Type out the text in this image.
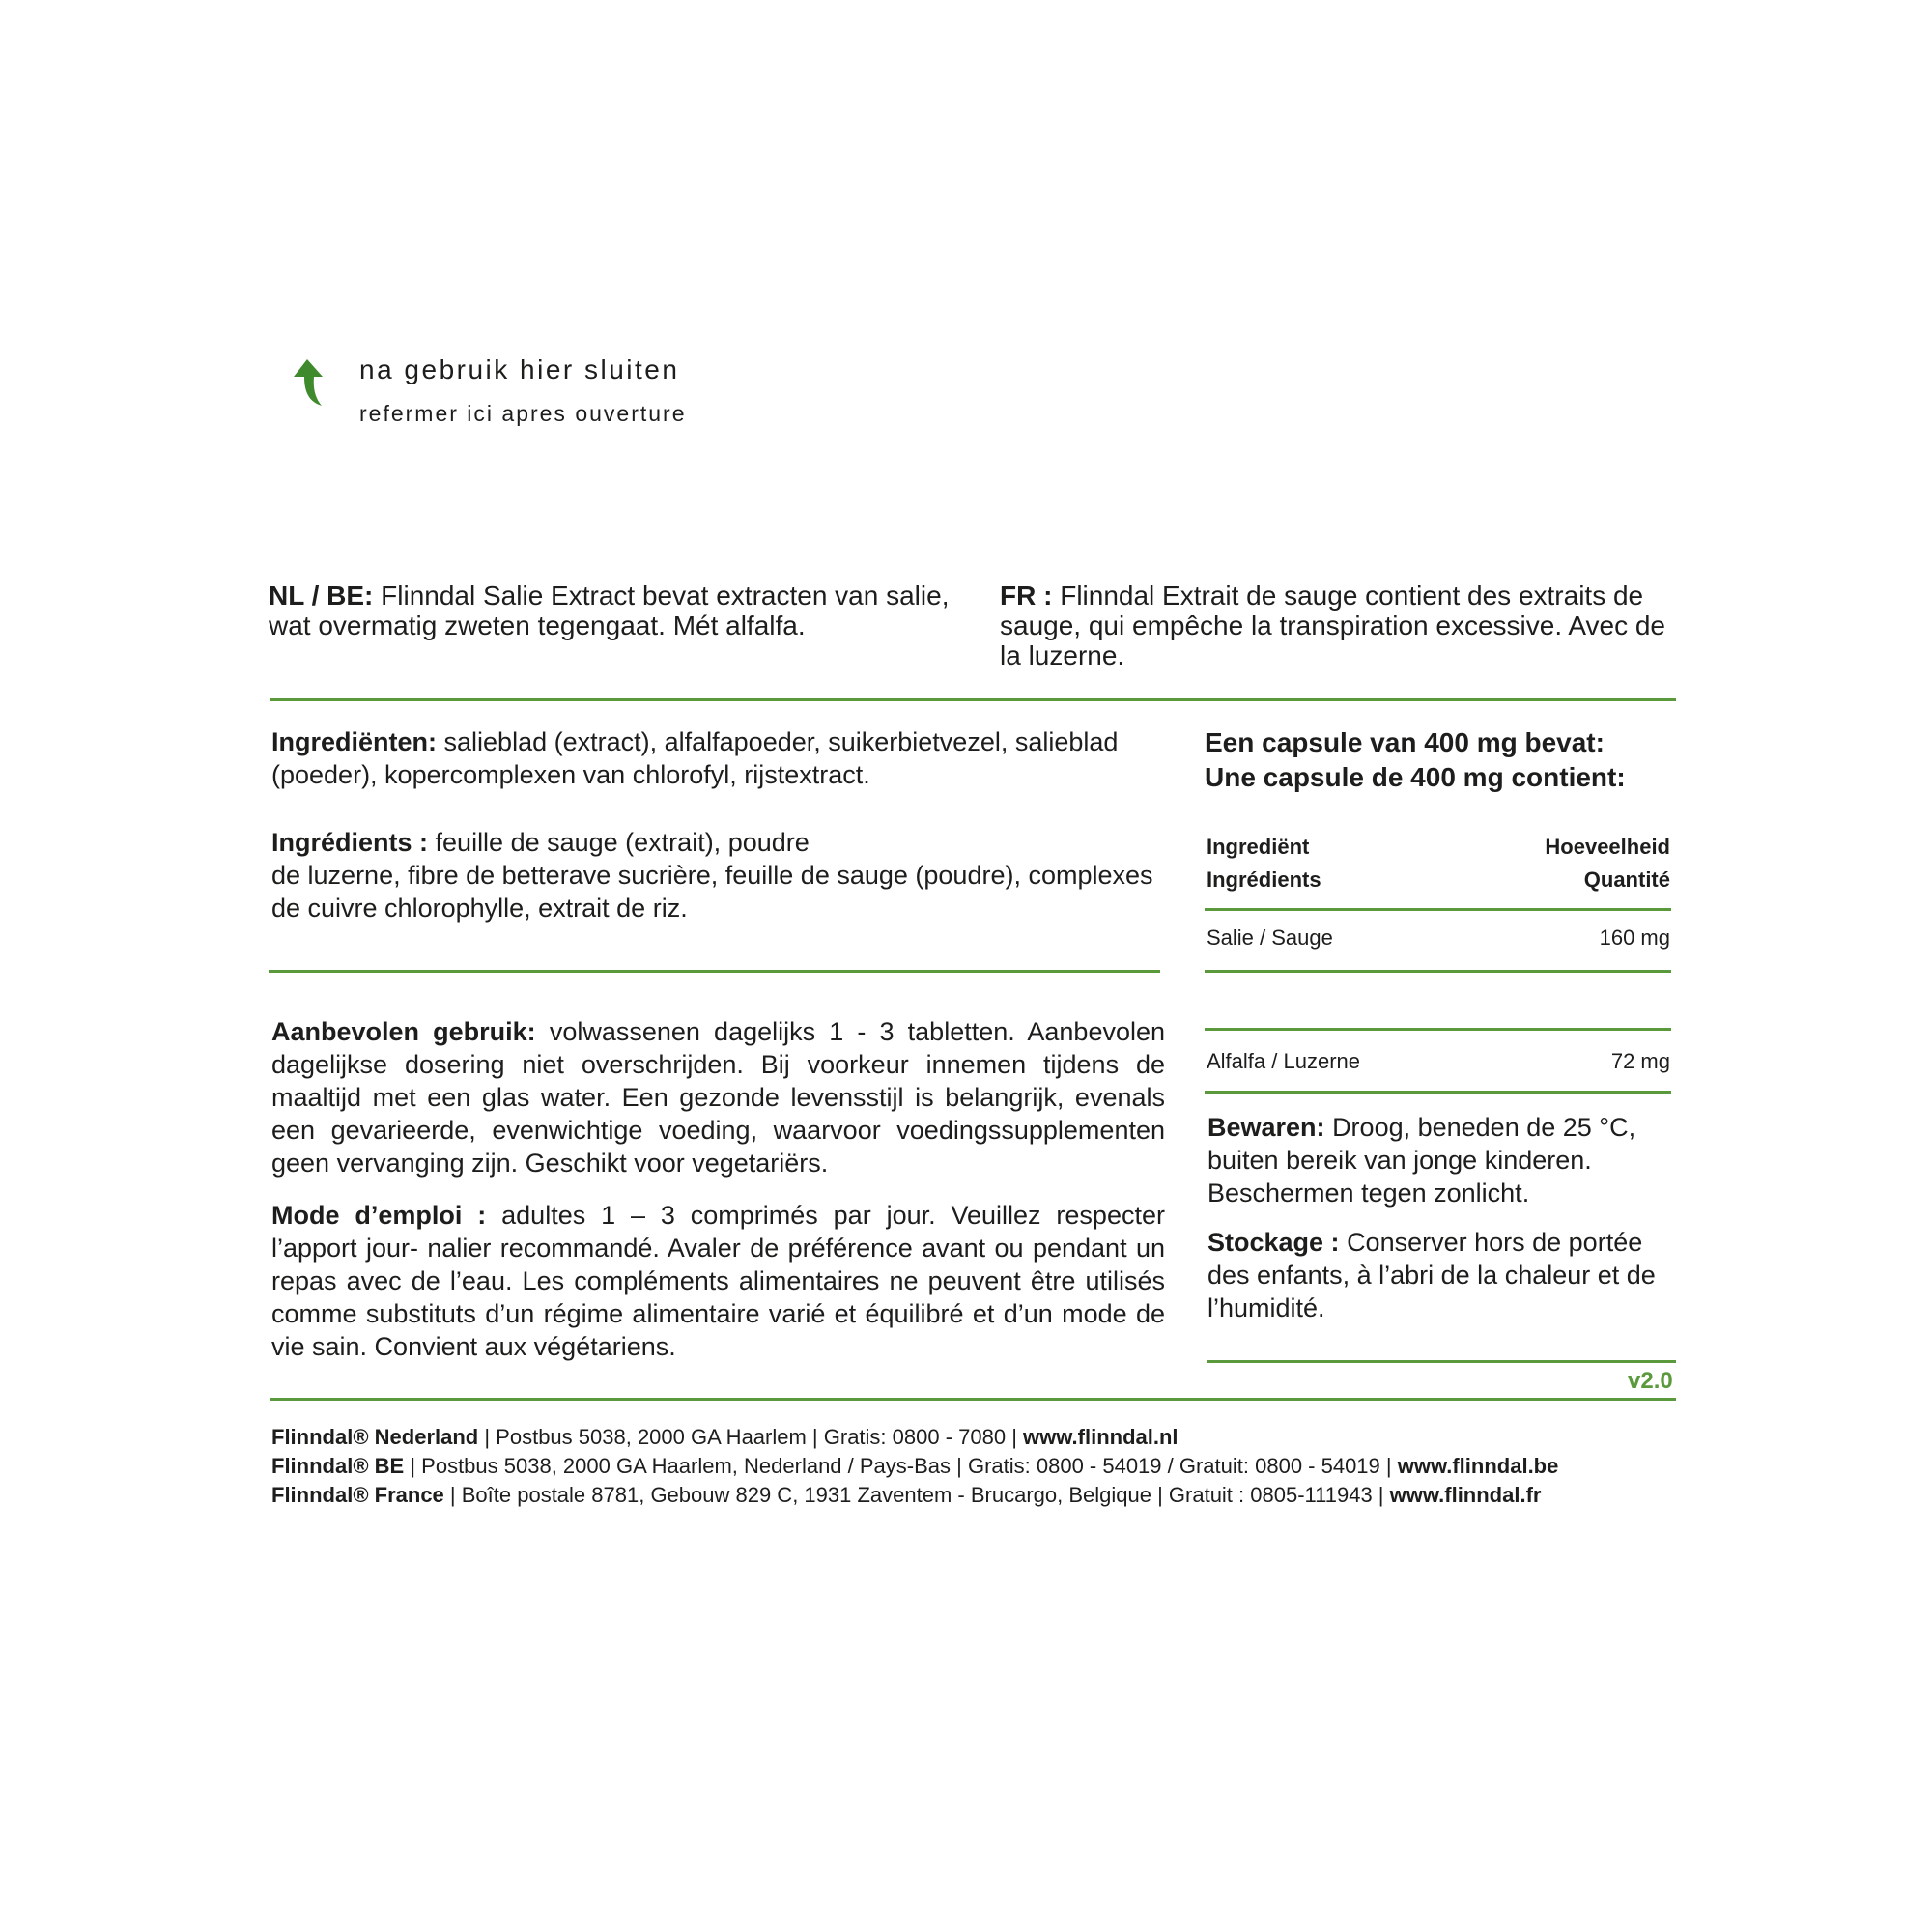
na gebruik hier sluiten
refermer ici apres ouverture
NL / BE: Flinndal Salie Extract bevat extracten van salie, wat overmatig zweten tegengaat. Mét alfalfa.
FR : Flinndal Extrait de sauge contient des extraits de sauge, qui empêche la transpiration excessive. Avec de la luzerne.
Ingrediënten: salieblad (extract), alfalfapoeder, suikerbietvezel, salieblad (poeder), kopercomplexen van chlorofyl, rijstextract.
Ingrédients : feuille de sauge (extrait), poudre
de luzerne, fibre de betterave sucrière, feuille de sauge (poudre), complexes de cuivre chlorophylle, extrait de riz.
Aanbevolen gebruik: volwassenen dagelijks 1 - 3 tabletten. Aanbevolen dagelijkse dosering niet overschrijden. Bij voorkeur innemen tijdens de maaltijd met een glas water. Een gezonde levensstijl is belangrijk, evenals een gevarieerde, evenwichtige voeding, waarvoor voedingssupplementen geen vervanging zijn. Geschikt voor vegetariërs.
Mode d’emploi : adultes 1 – 3 comprimés par jour. Veuillez respecter l’apport jour- nalier recommandé. Avaler de préférence avant ou pendant un repas avec de l’eau. Les compléments alimentaires ne peuvent être utilisés comme substituts d’un régime alimentaire varié et équilibré et d’un mode de vie sain. Convient aux végétariens.
Een capsule van 400 mg bevat:
Une capsule de 400 mg contient:
Ingrediënt
Ingrédients
Hoeveelheid
Quantité
Salie / Sauge	160 mg
Alfalfa / Luzerne	72 mg
Bewaren: Droog, beneden de 25 °C, buiten bereik van jonge kinderen. Beschermen tegen zonlicht.
Stockage : Conserver hors de portée des enfants, à l’abri de la chaleur et de l’humidité.
v2.0
Flinndal® Nederland | Postbus 5038, 2000 GA Haarlem | Gratis: 0800 - 7080 | www.flinndal.nl
Flinndal® BE | Postbus 5038, 2000 GA Haarlem, Nederland / Pays-Bas | Gratis: 0800 - 54019 / Gratuit: 0800 - 54019 | www.flinndal.be
Flinndal® France | Boîte postale 8781, Gebouw 829 C, 1931 Zaventem - Brucargo, Belgique | Gratuit : 0805-111943 | www.flinndal.fr
